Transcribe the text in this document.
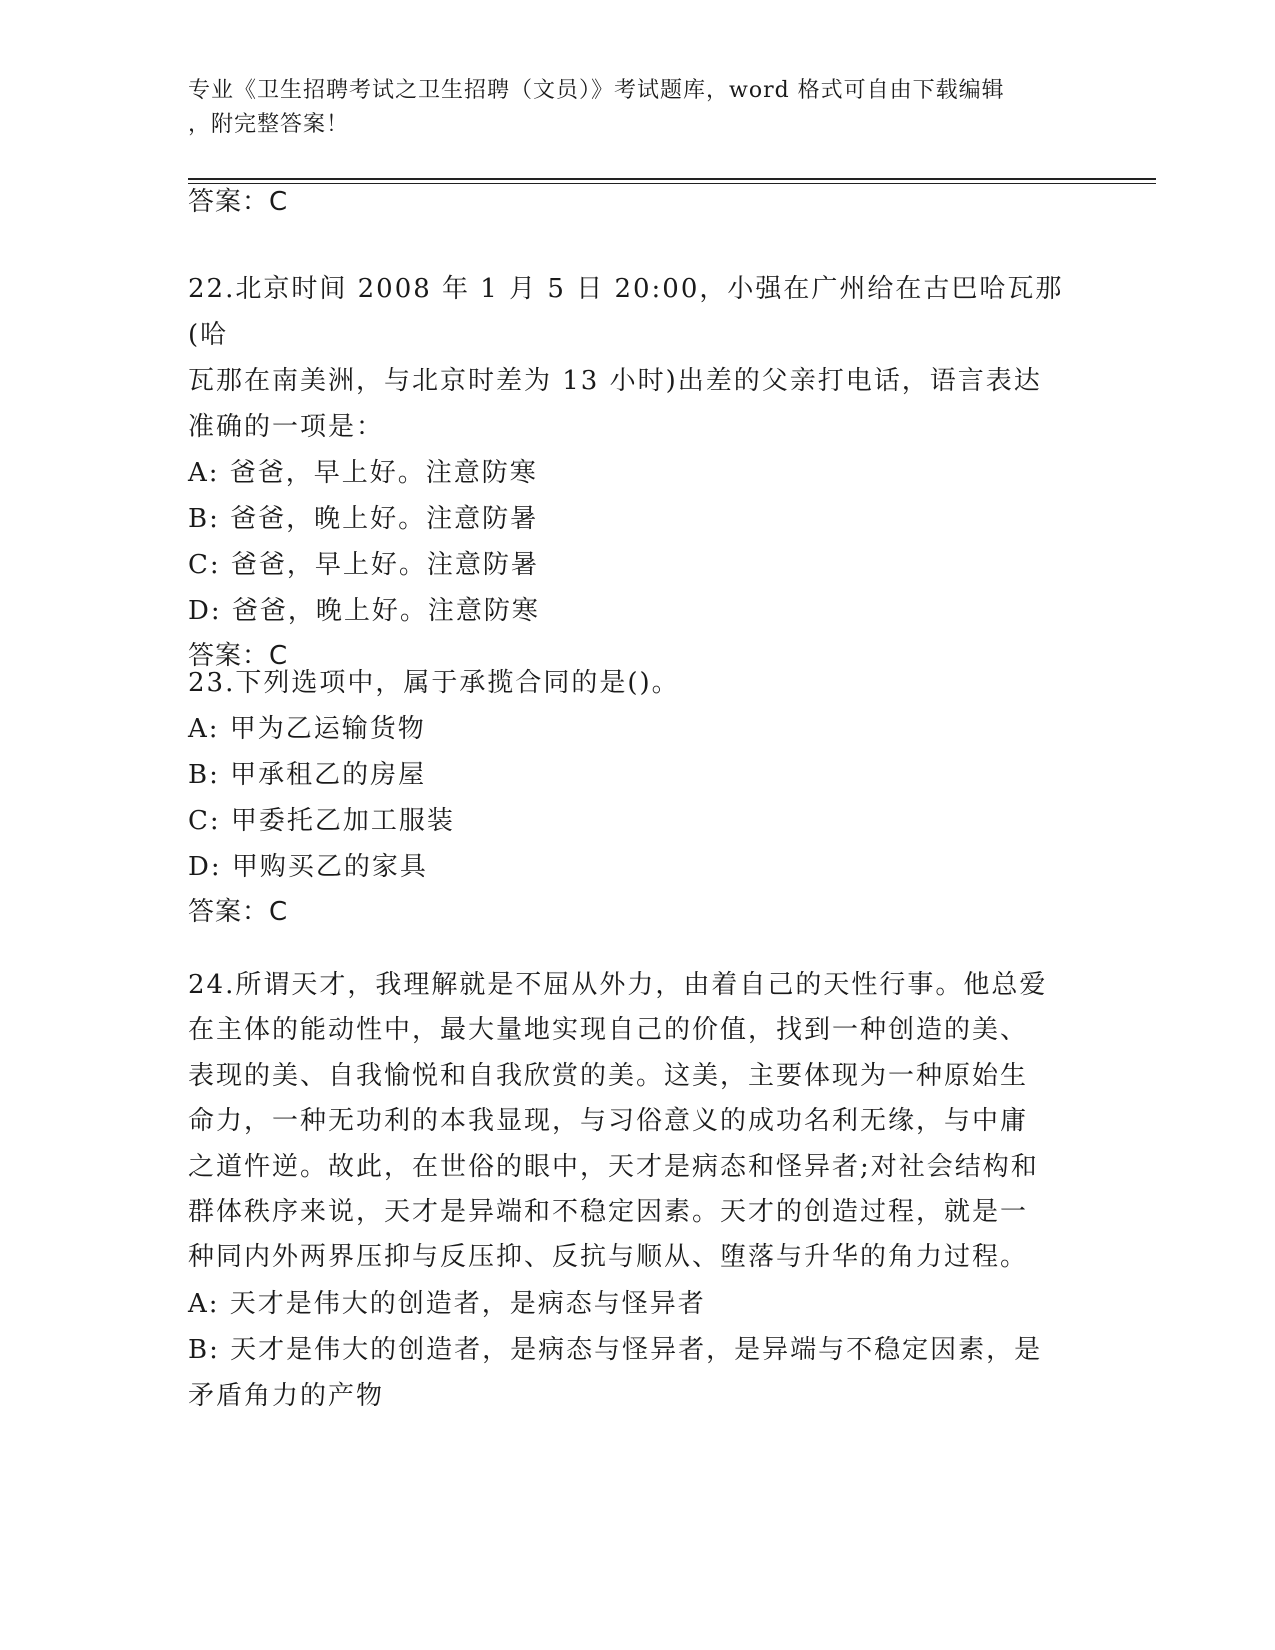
专业《卫生招聘考试之卫生招聘（文员）》考试题库，word 格式可自由下载编辑
，附完整答案！
答案：C

22.北京时间 2008 年 1 月 5 日 20:00，小强在广州给在古巴哈瓦那(哈

瓦那在南美洲，与北京时差为 13 小时)出差的父亲打电话，语言表达

准确的一项是：

A: 爸爸，早上好。注意防寒

B: 爸爸，晚上好。注意防暑

C: 爸爸，早上好。注意防暑

D: 爸爸，晚上好。注意防寒

答案：C

23.下列选项中，属于承揽合同的是()。

A: 甲为乙运输货物

B: 甲承租乙的房屋

C: 甲委托乙加工服装

D: 甲购买乙的家具

答案：C

24.所谓天才，我理解就是不屈从外力，由着自己的天性行事。他总爱

在主体的能动性中，最大量地实现自己的价值，找到一种创造的美、

表现的美、自我愉悦和自我欣赏的美。这美，主要体现为一种原始生

命力，一种无功利的本我显现，与习俗意义的成功名利无缘，与中庸

之道忤逆。故此，在世俗的眼中，天才是病态和怪异者;对社会结构和

群体秩序来说，天才是异端和不稳定因素。天才的创造过程，就是一

种同内外两界压抑与反压抑、反抗与顺从、堕落与升华的角力过程。

A: 天才是伟大的创造者，是病态与怪异者

B: 天才是伟大的创造者，是病态与怪异者，是异端与不稳定因素，是

矛盾角力的产物
